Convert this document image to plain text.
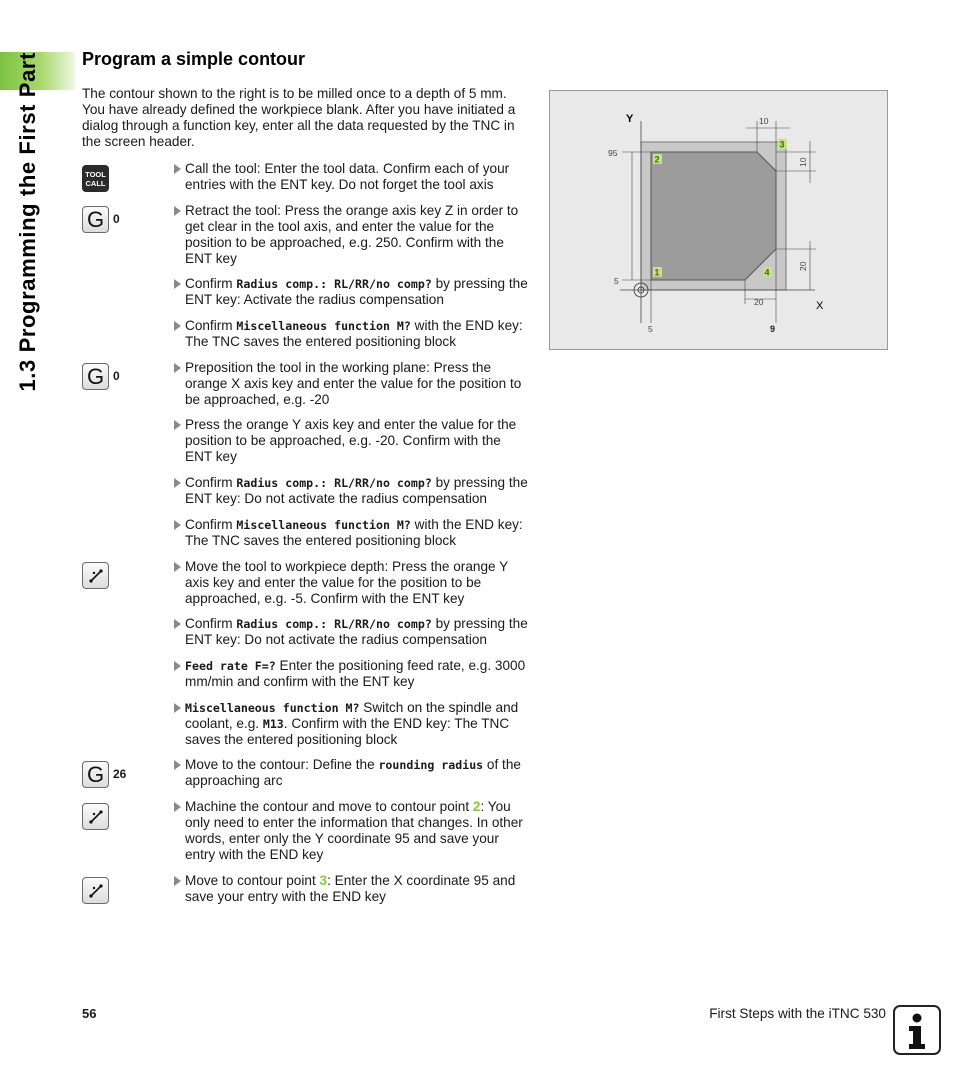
1.3 Programming the First Part Program a simple contour

The contour shown to the right is to be milled once to a depth of 5 mm. You have already defined the workpiece blank. After you have initiated a dialog through a function key, enter all the data requested by the TNC in the screen header.

Y
X
95
5
5	9
10
10
20
20
2
3
4
1
TOOL
CALL
G 0
G 0
G 26
Call the tool: Enter the tool data. Confirm each of your entries with the ENT key. Do not forget the tool axis
Retract the tool: Press the orange axis key Z in order to get clear in the tool axis, and enter the value for the position to be approached, e.g. 250. Confirm with the ENT key
Confirm Radius comp.: RL/RR/no comp? by pressing the ENT key: Activate the radius compensation
Confirm Miscellaneous function M? with the END key: The TNC saves the entered positioning block
Preposition the tool in the working plane: Press the orange X axis key and enter the value for the position to be approached, e.g. -20
Press the orange Y axis key and enter the value for the position to be approached, e.g. -20. Confirm with the ENT key
Confirm Radius comp.: RL/RR/no comp? by pressing the ENT key: Do not activate the radius compensation
Confirm Miscellaneous function M? with the END key: The TNC saves the entered positioning block
Move the tool to workpiece depth: Press the orange Y axis key and enter the value for the position to be approached, e.g. -5. Confirm with the ENT key
Confirm Radius comp.: RL/RR/no comp? by pressing the ENT key: Do not activate the radius compensation
Feed rate F=? Enter the positioning feed rate, e.g. 3000 mm/min and confirm with the ENT key
Miscellaneous function M? Switch on the spindle and coolant, e.g. M13. Confirm with the END key: The TNC saves the entered positioning block
Move to the contour: Define the rounding radius of the approaching arc
Machine the contour and move to contour point 2: You only need to enter the information that changes. In other words, enter only the Y coordinate 95 and save your entry with the END key
Move to contour point 3: Enter the X coordinate 95 and save your entry with the END key
56	First Steps with the iTNC 530
